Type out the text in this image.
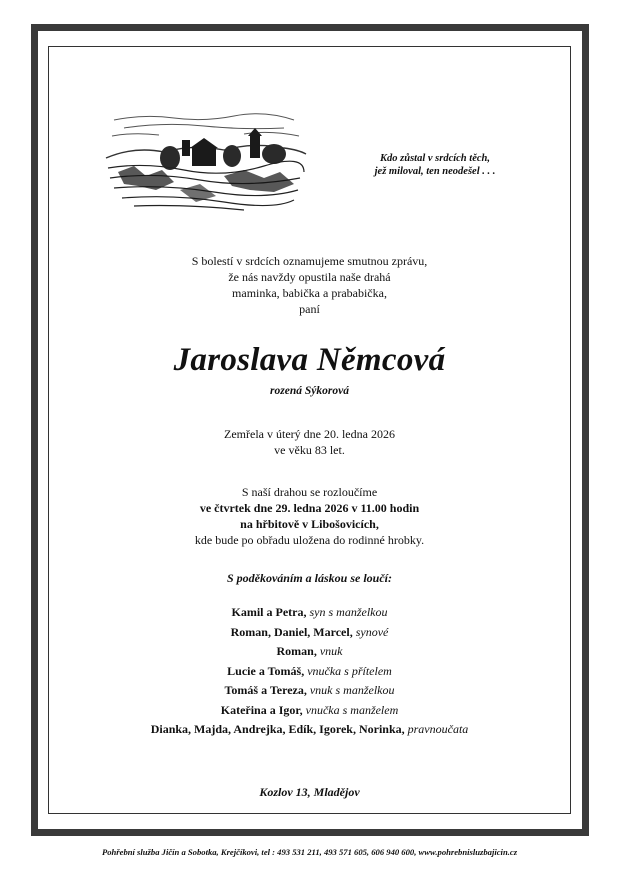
Kdo zůstal v srdcích těch,
jež miloval, ten neodešel . . .
S bolestí v srdcích oznamujeme smutnou zprávu,
že nás navždy opustila naše drahá
maminka, babička a prababička,
paní
Jaroslava Němcová
rozená Sýkorová
Zemřela v úterý dne 20. ledna 2026
ve věku 83 let.
S naší drahou se rozloučíme
ve čtvrtek dne 29. ledna 2026 v 11.00 hodin
na hřbitově v Libošovicích,
kde bude po obřadu uložena do rodinné hrobky.
S poděkováním a láskou se loučí:
Kamil a Petra, syn s manželkou
Roman, Daniel, Marcel, synové
Roman, vnuk
Lucie a Tomáš, vnučka s přítelem
Tomáš a Tereza, vnuk s manželkou
Kateřina a Igor, vnučka s manželem
Dianka, Majda, Andrejka, Edík, Igorek, Norinka, pravnoučata
Kozlov 13, Mladějov
Pohřební služba Jičín a Sobotka, Krejčíkovi, tel : 493 531 211, 493 571 605, 606 940 600, www.pohrebnisluzbajicin.cz
